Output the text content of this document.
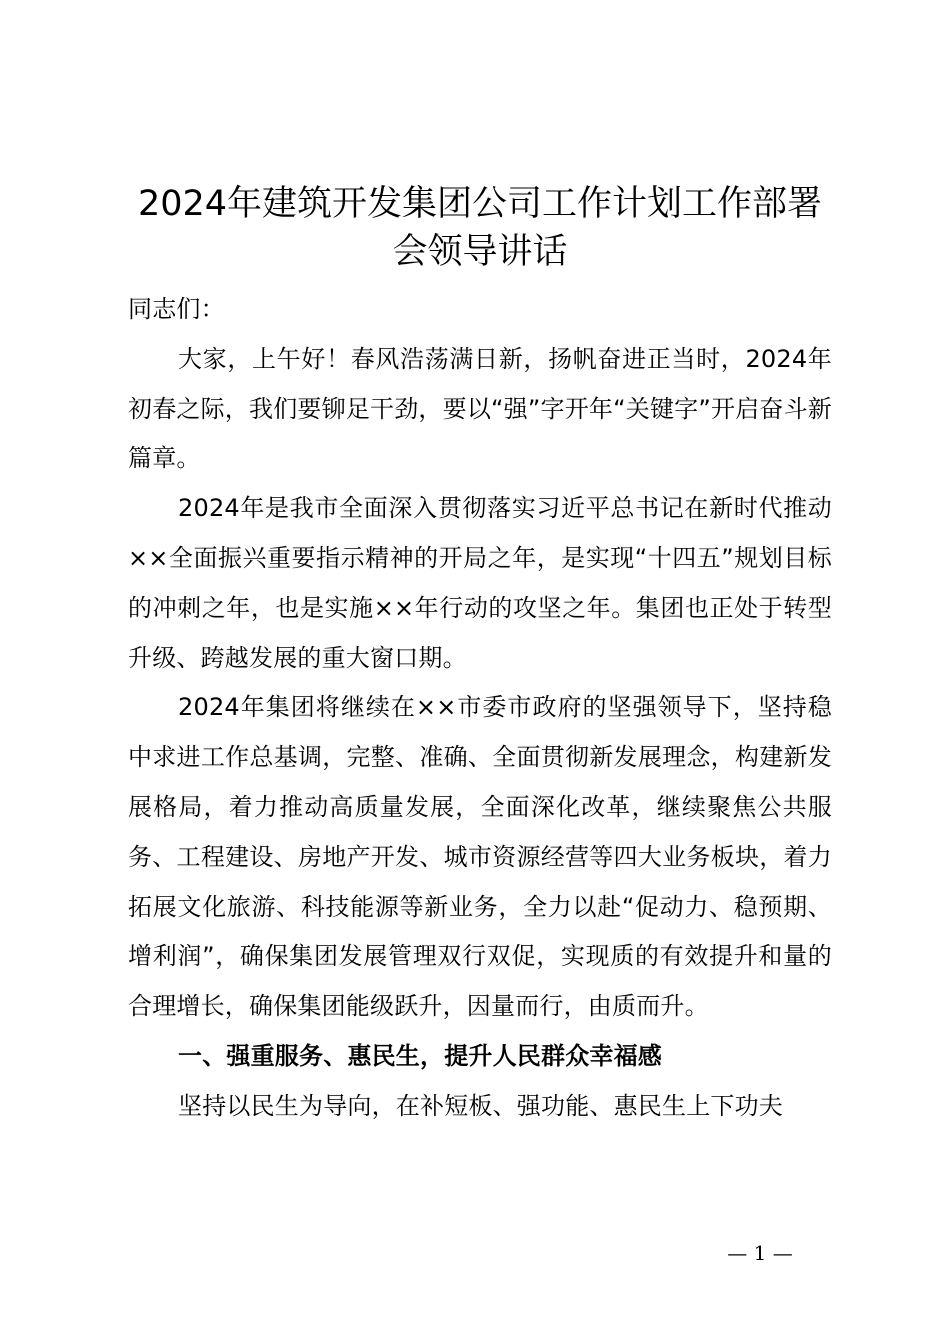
2024年建筑开发集团公司工作计划工作部署
会领导讲话

同志们：

大家，上午好！春风浩荡满日新，扬帆奋进正当时，2024年初春之际，我们要铆足干劲，要以“强”字开年“关键字”开启奋斗新篇章。

2024年是我市全面深入贯彻落实习近平总书记在新时代推动××全面振兴重要指示精神的开局之年，是实现“十四五”规划目标的冲刺之年，也是实施××年行动的攻坚之年。集团也正处于转型升级、跨越发展的重大窗口期。

2024年集团将继续在××市委市政府的坚强领导下，坚持稳中求进工作总基调，完整、准确、全面贯彻新发展理念，构建新发展格局，着力推动高质量发展，全面深化改革，继续聚焦公共服务、工程建设、房地产开发、城市资源经营等四大业务板块，着力拓展文化旅游、科技能源等新业务，全力以赴“促动力、稳预期、增利润”，确保集团发展管理双行双促，实现质的有效提升和量的合理增长，确保集团能级跃升，因量而行，由质而升。

一、强重服务、惠民生，提升人民群众幸福感

坚持以民生为导向，在补短板、强功能、惠民生上下功夫

— 1 —
